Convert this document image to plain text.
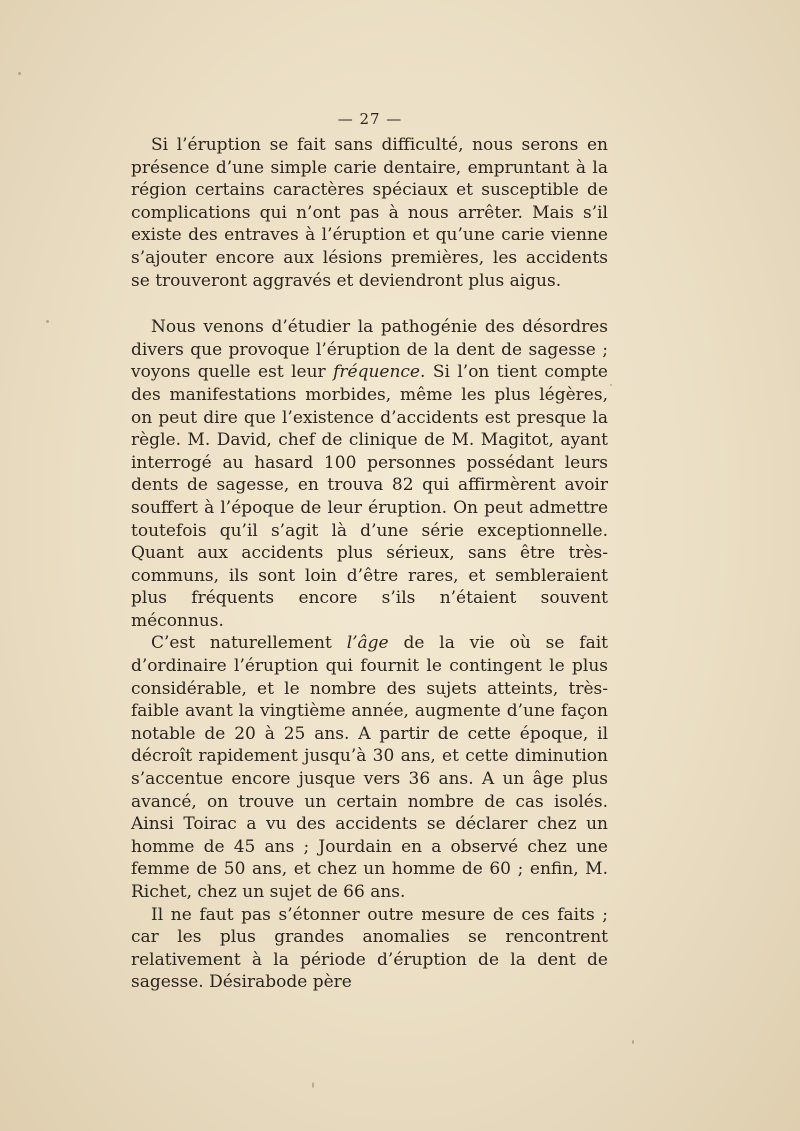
— 27 —

Si l’éruption se fait sans difficulté, nous serons en présence d’une simple carie dentaire, empruntant à la région certains caractères spéciaux et susceptible de complications qui n’ont pas à nous arrêter. Mais s’il existe des entraves à l’éruption et qu’une carie vienne s’ajouter encore aux lésions premières, les accidents se trouveront aggravés et deviendront plus aigus.

Nous venons d’étudier la pathogénie des désordres divers que provoque l’éruption de la dent de sagesse ; voyons quelle est leur fréquence. Si l’on tient compte des manifestations morbides, même les plus légères, on peut dire que l’existence d’accidents est presque la règle. M. David, chef de clinique de M. Magitot, ayant interrogé au hasard 100 personnes possédant leurs dents de sagesse, en trouva 82 qui affirmèrent avoir souffert à l’époque de leur éruption. On peut admettre toutefois qu’il s’agit là d’une série exceptionnelle. Quant aux accidents plus sérieux, sans être très-communs, ils sont loin d’être rares, et sembleraient plus fréquents encore s’ils n’étaient souvent méconnus.

C’est naturellement l’âge de la vie où se fait d’ordinaire l’éruption qui fournit le contingent le plus considérable, et le nombre des sujets atteints, très-faible avant la vingtième année, augmente d’une façon notable de 20 à 25 ans. A partir de cette époque, il décroît rapidement jusqu’à 30 ans, et cette diminution s’accentue encore jusque vers 36 ans. A un âge plus avancé, on trouve un certain nombre de cas isolés. Ainsi Toirac a vu des accidents se déclarer chez un homme de 45 ans ; Jourdain en a observé chez une femme de 50 ans, et chez un homme de 60 ; enfin, M. Richet, chez un sujet de 66 ans.

Il ne faut pas s’étonner outre mesure de ces faits ; car les plus grandes anomalies se rencontrent relativement à la période d’éruption de la dent de sagesse. Désirabode père
